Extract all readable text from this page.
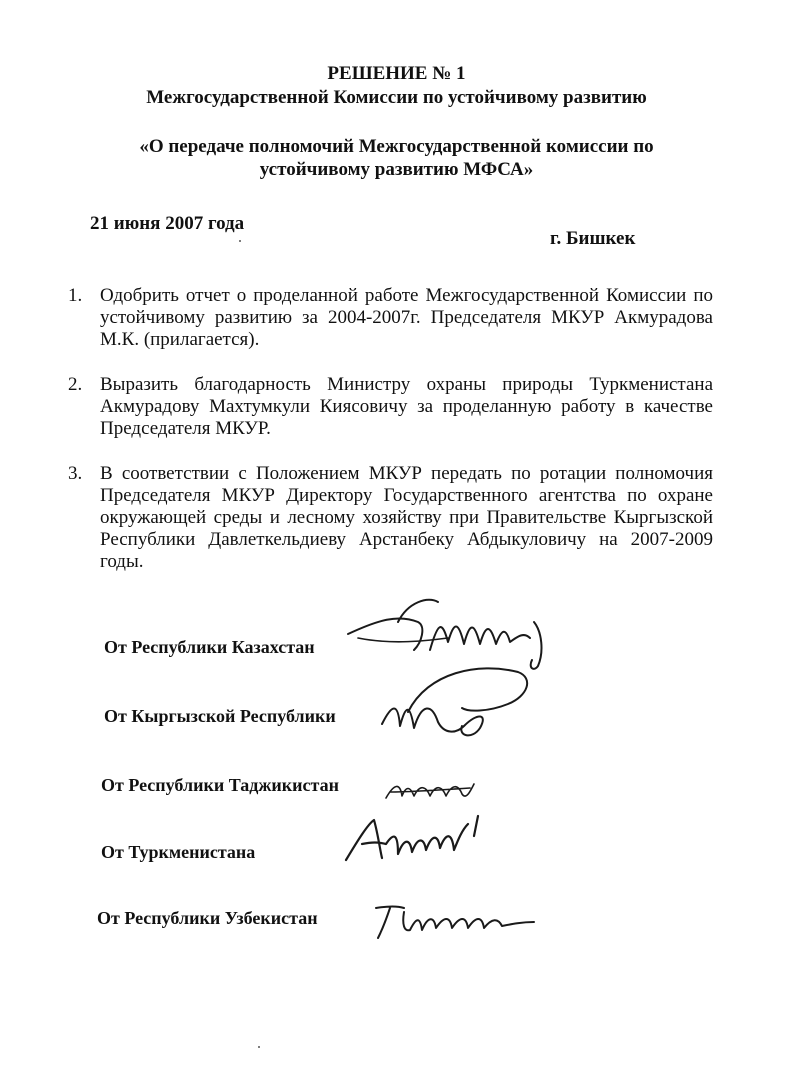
РЕШЕНИЕ № 1
Межгосударственной Комиссии по устойчивому развитию
«О передаче полномочий Межгосударственной комиссии по
устойчивому развитию МФСА»
21 июня 2007 года
г. Бишкек
1. Одобрить отчет о проделанной работе Межгосударственной Комиссии по устойчивому развитию за 2004-2007г. Председателя МКУР Акмурадова М.К. (прилагается).
2. Выразить благодарность Министру охраны природы Туркменистана Акмурадову Махтумкули Киясовичу за проделанную работу в качестве Председателя МКУР.
3. В соответствии с Положением МКУР передать по ротации полномочия Председателя МКУР Директору Государственного агентства по охране окружающей среды и лесному хозяйству при Правительстве Кыргызской Республики Давлеткельдиеву Арстанбеку Абдыкуловичу на 2007-2009 годы.
От Республики Казахстан
От Кыргызской Республики
От Республики Таджикистан
От Туркменистана
От Республики Узбекистан
